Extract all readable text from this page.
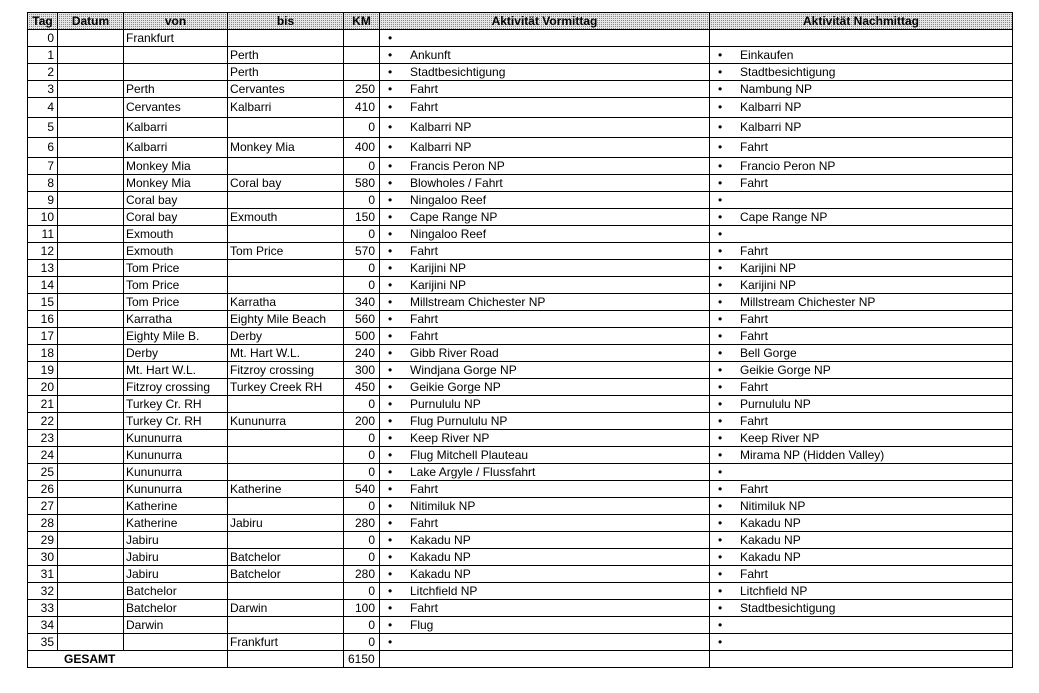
Tag	Datum	von	bis	KM	Aktivität Vormittag	Aktivität Nachmittag
0		Frankfurt			•	
1			Perth		• Ankunft	• Einkaufen
2			Perth		• Stadtbesichtigung	• Stadtbesichtigung
3		Perth	Cervantes	250	• Fahrt	• Nambung NP
4		Cervantes	Kalbarri	410	• Fahrt	• Kalbarri NP
5		Kalbarri		0	• Kalbarri NP	• Kalbarri NP
6		Kalbarri	Monkey Mia	400	• Kalbarri NP	• Fahrt
7		Monkey Mia		0	• Francis Peron NP	• Francio Peron NP
8		Monkey Mia	Coral bay	580	• Blowholes / Fahrt	• Fahrt
9		Coral bay		0	• Ningaloo Reef	•
10		Coral bay	Exmouth	150	• Cape Range NP	• Cape Range NP
11		Exmouth		0	• Ningaloo Reef	•
12		Exmouth	Tom Price	570	• Fahrt	• Fahrt
13		Tom Price		0	• Karijini NP	• Karijini NP
14		Tom Price		0	• Karijini NP	• Karijini NP
15		Tom Price	Karratha	340	• Millstream Chichester NP	• Millstream Chichester NP
16		Karratha	Eighty Mile Beach	560	• Fahrt	• Fahrt
17		Eighty Mile B.	Derby	500	• Fahrt	• Fahrt
18		Derby	Mt. Hart W.L.	240	• Gibb River Road	• Bell Gorge
19		Mt. Hart W.L.	Fitzroy crossing	300	• Windjana Gorge NP	• Geikie Gorge NP
20		Fitzroy crossing	Turkey Creek RH	450	• Geikie Gorge NP	• Fahrt
21		Turkey Cr. RH		0	• Purnululu NP	• Purnululu NP
22		Turkey Cr. RH	Kununurra	200	• Flug Purnululu NP	• Fahrt
23		Kununurra		0	• Keep River NP	• Keep River NP
24		Kununurra		0	• Flug Mitchell Plauteau	• Mirama NP (Hidden Valley)
25		Kununurra		0	• Lake Argyle / Flussfahrt	•
26		Kununurra	Katherine	540	• Fahrt	• Fahrt
27		Katherine		0	• Nitimiluk NP	• Nitimiluk NP
28		Katherine	Jabiru	280	• Fahrt	• Kakadu NP
29		Jabiru		0	• Kakadu NP	• Kakadu NP
30		Jabiru	Batchelor	0	• Kakadu NP	• Kakadu NP
31		Jabiru	Batchelor	280	• Kakadu NP	• Fahrt
32		Batchelor		0	• Litchfield NP	• Litchfield NP
33		Batchelor	Darwin	100	• Fahrt	• Stadtbesichtigung
34		Darwin		0	• Flug	•
35			Frankfurt	0	•	•
GESAMT				6150		
